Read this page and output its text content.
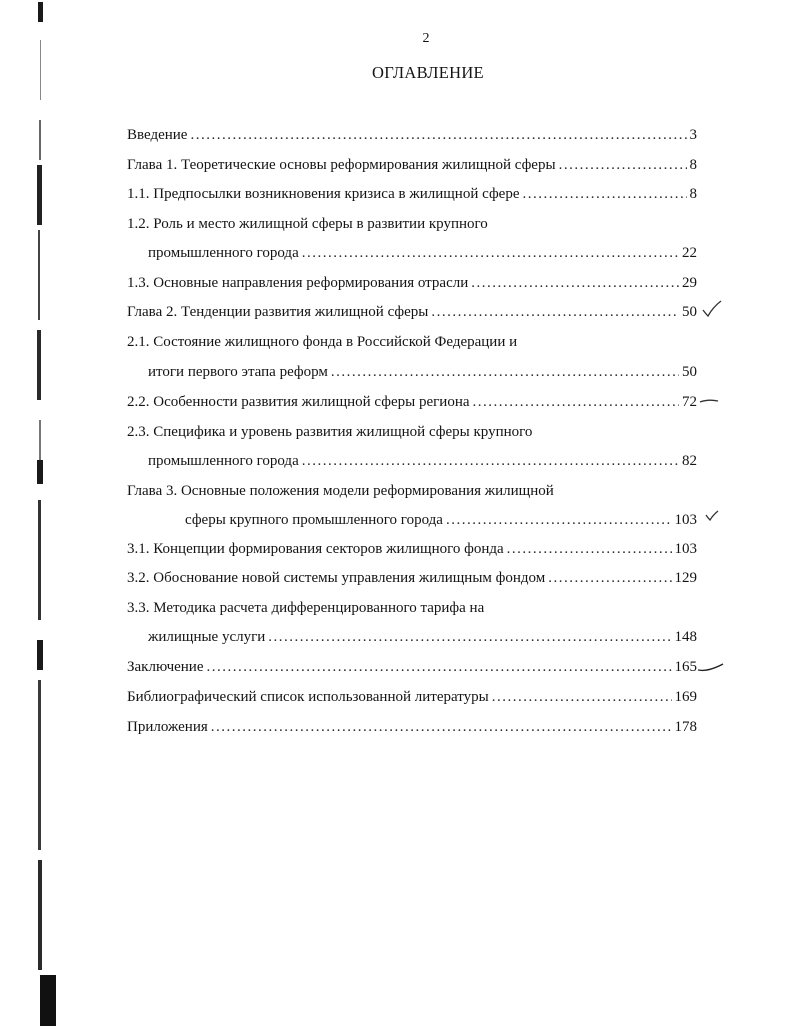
2
ОГЛАВЛЕНИЕ
Введение .....	3
Глава 1. Теоретические основы реформирования жилищной сферы .....	8
1.1. Предпосылки возникновения кризиса в жилищной сфере .....	8
1.2. Роль и место жилищной сферы в развитии крупного
промышленного города .....	22
1.3. Основные направления реформирования отрасли .....	29
Глава 2. Тенденции развития жилищной сферы .....	50
2.1. Состояние жилищного фонда в Российской Федерации и
итоги первого этапа реформ .....	50
2.2. Особенности развития жилищной сферы региона .....	72
2.3. Специфика и уровень развития жилищной сферы крупного
промышленного города .....	82
Глава 3. Основные положения модели реформирования жилищной
сферы крупного промышленного города .....	103
3.1. Концепции формирования секторов жилищного фонда .....	103
3.2. Обоснование новой системы управления жилищным фондом .....	129
3.3. Методика расчета дифференцированного тарифа на
жилищные услуги .....	148
Заключение .....	165
Библиографический список использованной литературы .....	169
Приложения .....	178
